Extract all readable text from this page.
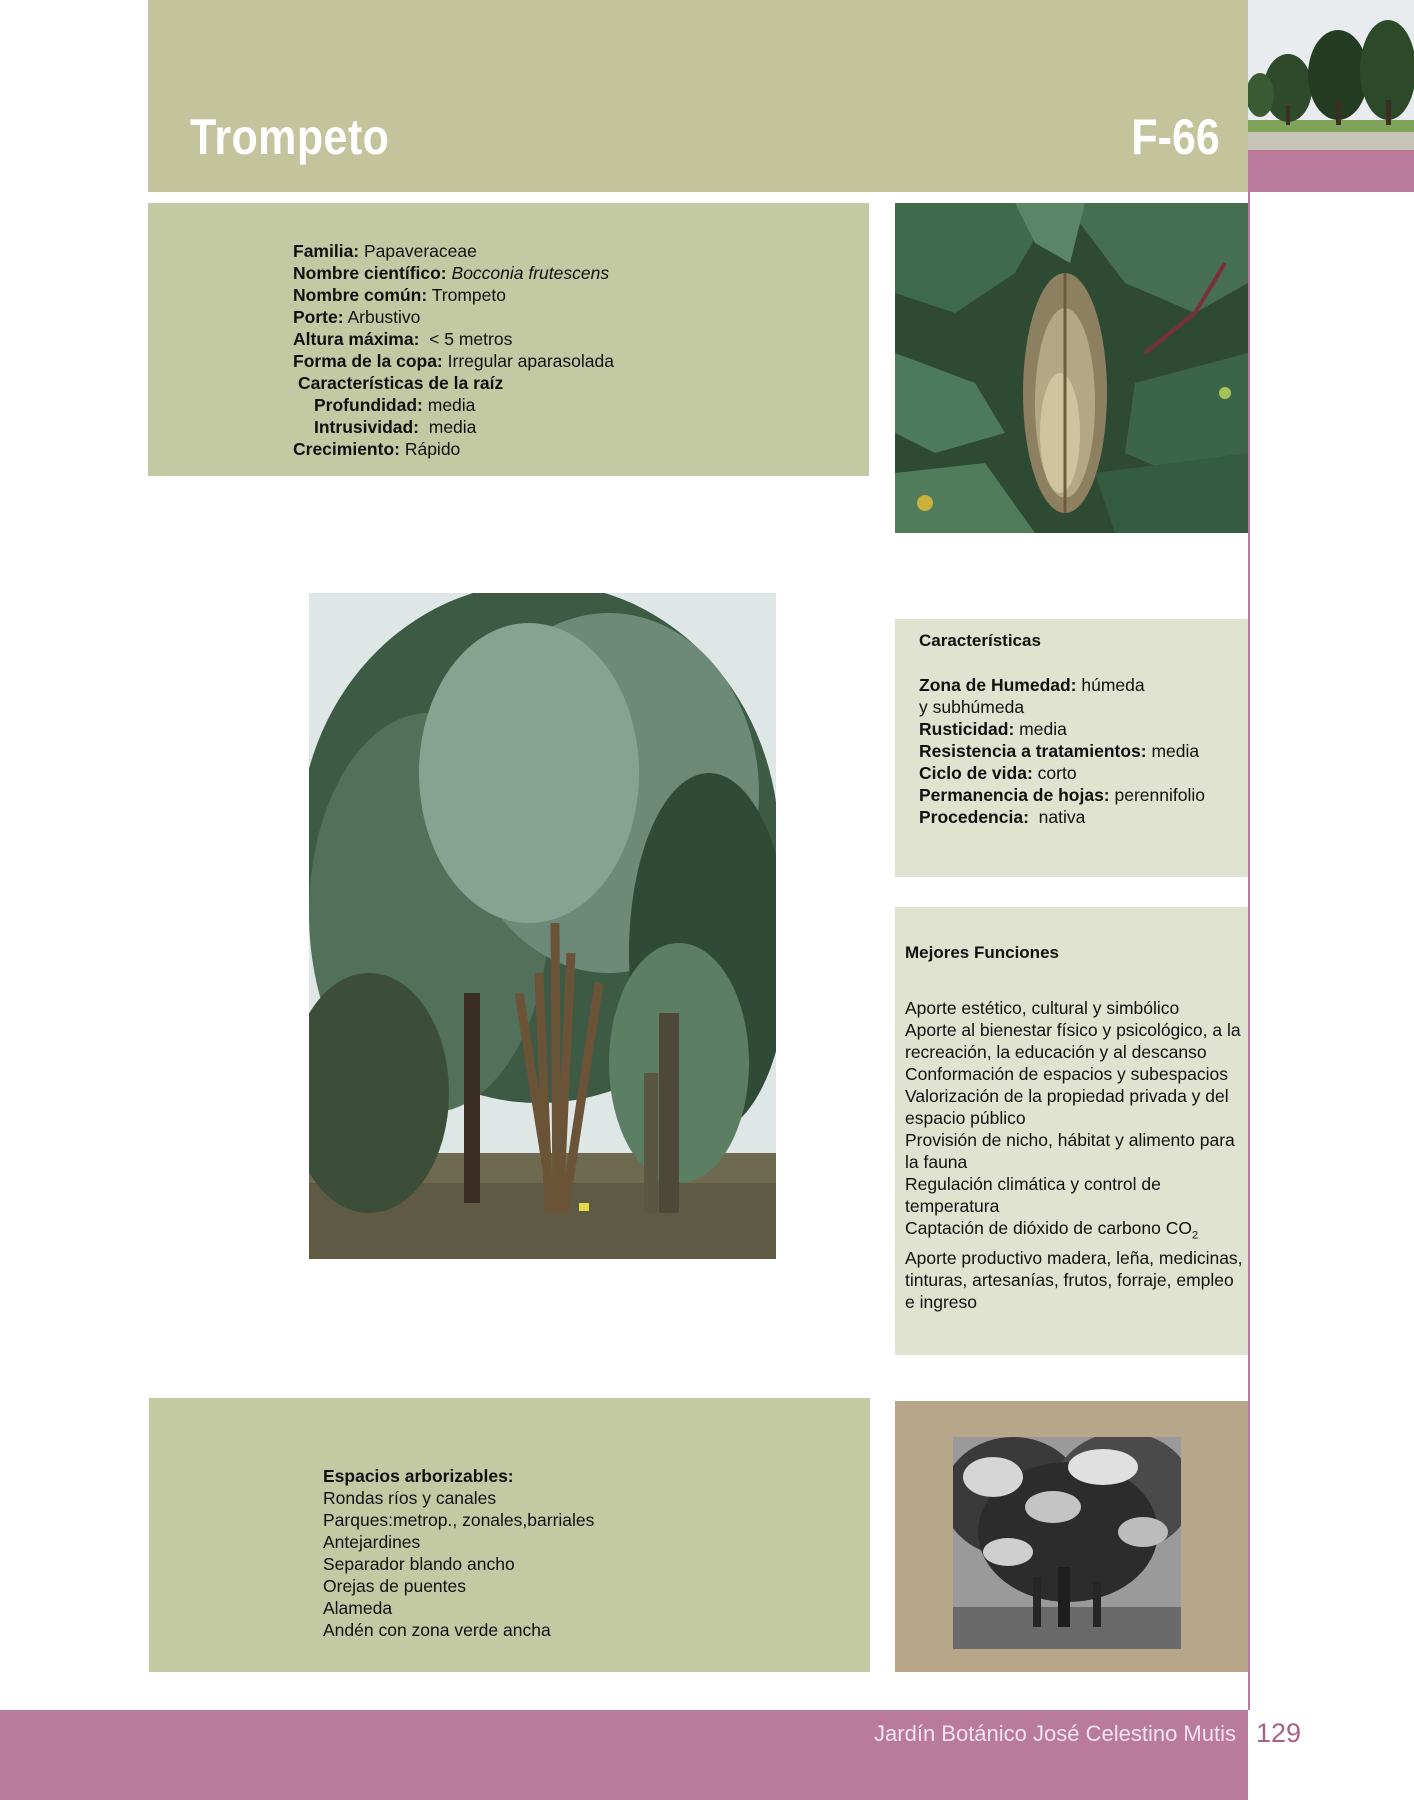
Trompeto	F-66
Familia: Papaveraceae
Nombre científico: Bocconia frutescens
Nombre común: Trompeto
Porte: Arbustivo
Altura máxima:  < 5 metros
Forma de la copa: Irregular aparasolada
Características de la raíz
Profundidad: media
Intrusividad:  media
Crecimiento: Rápido
Características
Zona de Humedad: húmeda
y subhúmeda
Rusticidad: media
Resistencia a tratamientos: media
Ciclo de vida: corto
Permanencia de hojas: perennifolio
Procedencia:  nativa
Mejores Funciones
Aporte estético, cultural y simbólico
Aporte al bienestar físico y psicológico, a la recreación, la educación y al descanso
Conformación de espacios y subespacios
Valorización de la propiedad privada y del espacio público
Provisión de nicho, hábitat y alimento para la fauna
Regulación climática y control de temperatura
Captación de dióxido de carbono $CO_2$
Aporte productivo madera, leña, medicinas, tinturas, artesanías, frutos, forraje, empleo e ingreso
Espacios arborizables:
Rondas ríos y canales
Parques:metrop., zonales,barriales
Antejardines
Separador blando ancho
Orejas de puentes
Alameda
Andén con zona verde ancha
Jardín Botánico José Celestino Mutis 129
